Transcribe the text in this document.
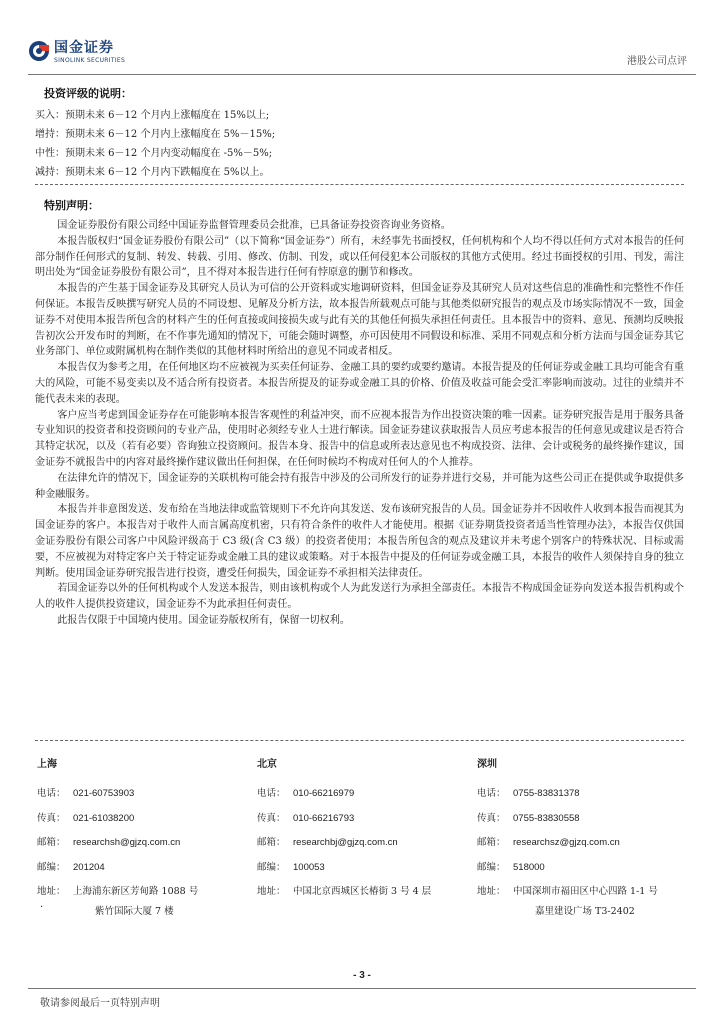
国金证券
SINOLINK SECURITIES	港股公司点评
投资评级的说明：
买入：预期未来 6－12 个月内上涨幅度在 15%以上;
增持：预期未来 6－12 个月内上涨幅度在 5%－15%;
中性：预期未来 6－12 个月内变动幅度在 -5%－5%;
减持：预期未来 6－12 个月内下跌幅度在 5%以上。
特别声明：

国金证券股份有限公司经中国证券监督管理委员会批准，已具备证券投资咨询业务资格。

本报告版权归“国金证券股份有限公司”（以下简称“国金证券”）所有，未经事先书面授权，任何机构和个人均不得以任何方式对本报告的任何部分制作任何形式的复制、转发、转载、引用、修改、仿制、刊发，或以任何侵犯本公司版权的其他方式使用。经过书面授权的引用、刊发，需注明出处为“国金证券股份有限公司”，且不得对本报告进行任何有悖原意的删节和修改。

本报告的产生基于国金证券及其研究人员认为可信的公开资料或实地调研资料，但国金证券及其研究人员对这些信息的准确性和完整性不作任何保证。本报告反映撰写研究人员的不同设想、见解及分析方法，故本报告所载观点可能与其他类似研究报告的观点及市场实际情况不一致，国金证券不对使用本报告所包含的材料产生的任何直接或间接损失或与此有关的其他任何损失承担任何责任。且本报告中的资料、意见、预测均反映报告初次公开发布时的判断，在不作事先通知的情况下，可能会随时调整，亦可因使用不同假设和标准、采用不同观点和分析方法而与国金证券其它业务部门、单位或附属机构在制作类似的其他材料时所给出的意见不同或者相反。

本报告仅为参考之用，在任何地区均不应被视为买卖任何证券、金融工具的要约或要约邀请。本报告提及的任何证券或金融工具均可能含有重大的风险，可能不易变卖以及不适合所有投资者。本报告所提及的证券或金融工具的价格、价值及收益可能会受汇率影响而波动。过往的业绩并不能代表未来的表现。

客户应当考虑到国金证券存在可能影响本报告客观性的利益冲突，而不应视本报告为作出投资决策的唯一因素。证券研究报告是用于服务具备专业知识的投资者和投资顾问的专业产品，使用时必须经专业人士进行解读。国金证券建议获取报告人员应考虑本报告的任何意见或建议是否符合其特定状况，以及（若有必要）咨询独立投资顾问。报告本身、报告中的信息或所表达意见也不构成投资、法律、会计或税务的最终操作建议，国金证券不就报告中的内容对最终操作建议做出任何担保，在任何时候均不构成对任何人的个人推荐。

在法律允许的情况下，国金证券的关联机构可能会持有报告中涉及的公司所发行的证券并进行交易，并可能为这些公司正在提供或争取提供多种金融服务。

本报告并非意图发送、发布给在当地法律或监管规则下不允许向其发送、发布该研究报告的人员。国金证券并不因收件人收到本报告而视其为国金证券的客户。本报告对于收件人而言属高度机密，只有符合条件的收件人才能使用。根据《证券期货投资者适当性管理办法》，本报告仅供国金证券股份有限公司客户中风险评级高于 C3 级(含 C3 级）的投资者使用；本报告所包含的观点及建议并未考虑个别客户的特殊状况、目标或需要，不应被视为对特定客户关于特定证券或金融工具的建议或策略。对于本报告中提及的任何证券或金融工具，本报告的收件人须保持自身的独立判断。使用国金证券研究报告进行投资，遭受任何损失，国金证券不承担相关法律责任。

若国金证券以外的任何机构或个人发送本报告，则由该机构或个人为此发送行为承担全部责任。本报告不构成国金证券向发送本报告机构或个人的收件人提供投资建议，国金证券不为此承担任何责任。

此报告仅限于中国境内使用。国金证券版权所有，保留一切权利。

上海
电话： 021-60753903
传真： 021-61038200
邮箱： researchsh@gjzq.com.cn
邮编： 201204
地址： 上海浦东新区芳甸路 1088 号
紫竹国际大厦 7 楼
北京
电话： 010-66216979
传真： 010-66216793
邮箱： researchbj@gjzq.com.cn
邮编： 100053
地址： 中国北京西城区长椿街 3 号 4 层
深圳
电话： 0755-83831378
传真： 0755-83830558
邮箱： researchsz@gjzq.com.cn
邮编： 518000
地址： 中国深圳市福田区中心四路 1-1 号
嘉里建设广场 T3-2402
·
- 3 -
敬请参阅最后一页特别声明
